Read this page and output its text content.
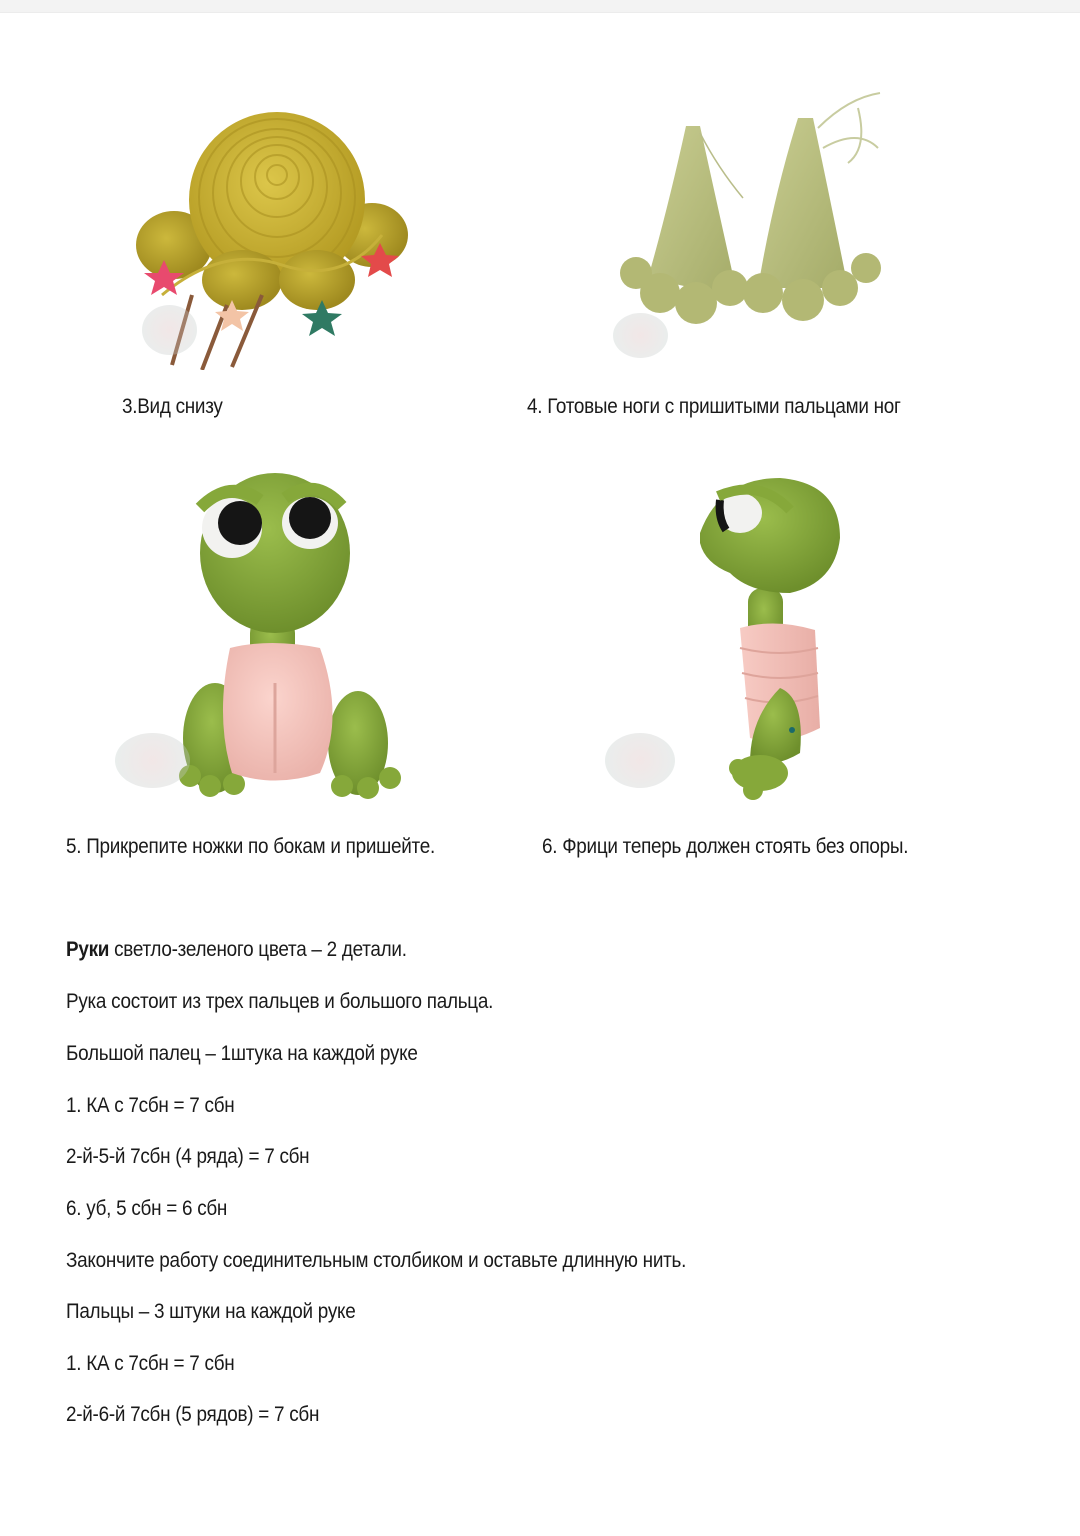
3.Вид снизу	4. Готовые ноги с пришитыми пальцами ног
5. Прикрепите ножки по бокам и пришейте.	6. Фрици теперь должен стоять без опоры.
Руки светло-зеленого цвета – 2 детали.
Рука состоит из трех пальцев и большого пальца.
Большой палец – 1штука на каждой руке
1. КА с 7сбн = 7 сбн
2-й-5-й 7сбн (4 ряда) = 7 сбн
6. уб, 5 сбн = 6 сбн
Закончите работу соединительным столбиком и оставьте длинную нить.
Пальцы – 3 штуки на каждой руке
1. КА с 7сбн = 7 сбн
2-й-6-й 7сбн (5 рядов) = 7 сбн
